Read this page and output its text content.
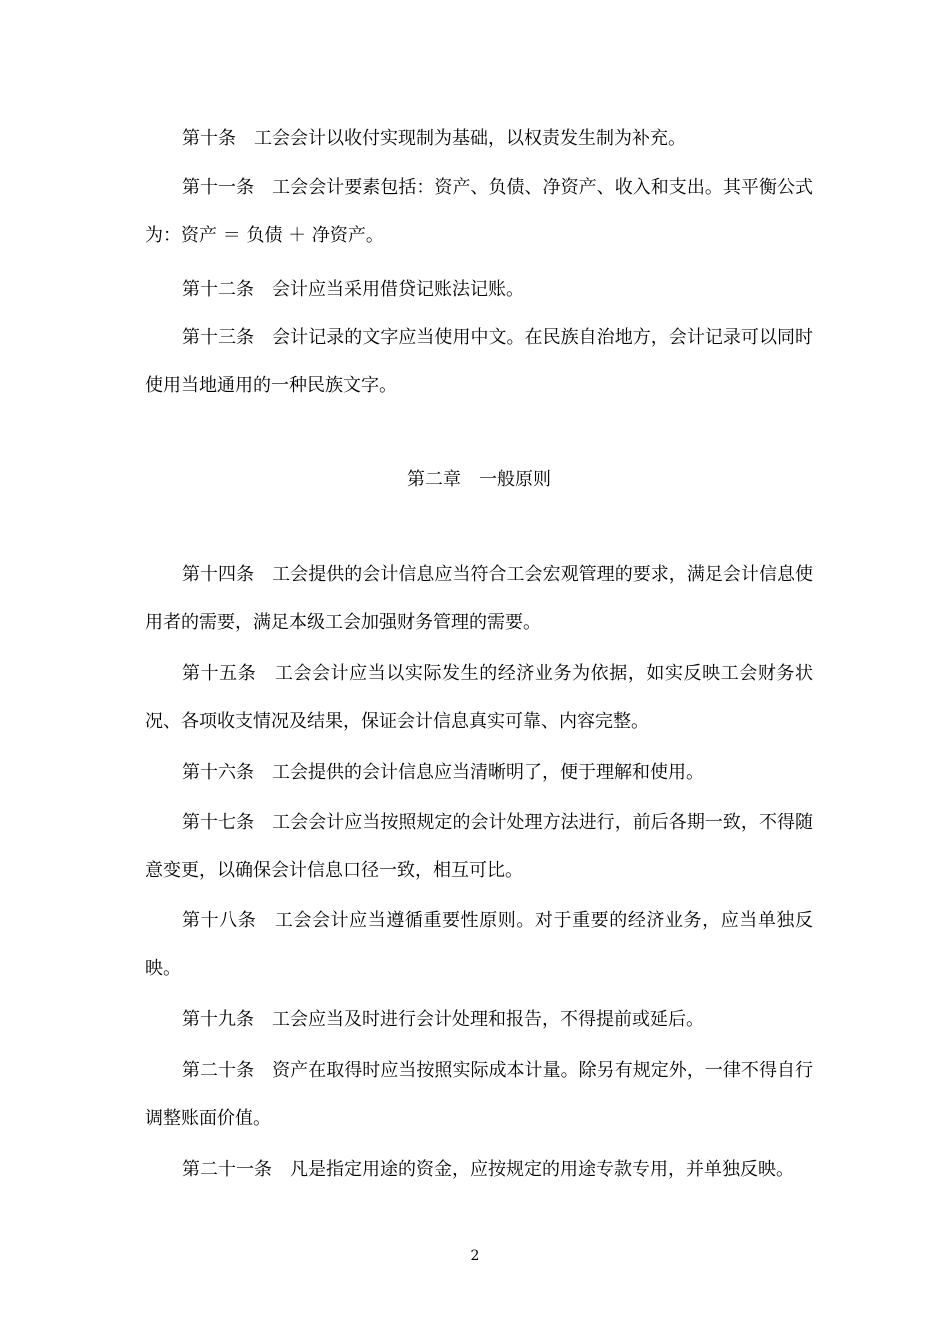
第十条　工会会计以收付实现制为基础，以权责发生制为补充。

第十一条　工会会计要素包括：资产、负债、净资产、收入和支出。其平衡公式为：资产 ＝ 负债 ＋ 净资产。

第十二条　会计应当采用借贷记账法记账。

第十三条　会计记录的文字应当使用中文。在民族自治地方，会计记录可以同时使用当地通用的一种民族文字。

第二章　一般原则

第十四条　工会提供的会计信息应当符合工会宏观管理的要求，满足会计信息使用者的需要，满足本级工会加强财务管理的需要。

第十五条　工会会计应当以实际发生的经济业务为依据，如实反映工会财务状况、各项收支情况及结果，保证会计信息真实可靠、内容完整。

第十六条　工会提供的会计信息应当清晰明了，便于理解和使用。

第十七条　工会会计应当按照规定的会计处理方法进行，前后各期一致，不得随意变更，以确保会计信息口径一致，相互可比。

第十八条　工会会计应当遵循重要性原则。对于重要的经济业务，应当单独反映。

第十九条　工会应当及时进行会计处理和报告，不得提前或延后。

第二十条　资产在取得时应当按照实际成本计量。除另有规定外，一律不得自行调整账面价值。

第二十一条　凡是指定用途的资金，应按规定的用途专款专用，并单独反映。

2
